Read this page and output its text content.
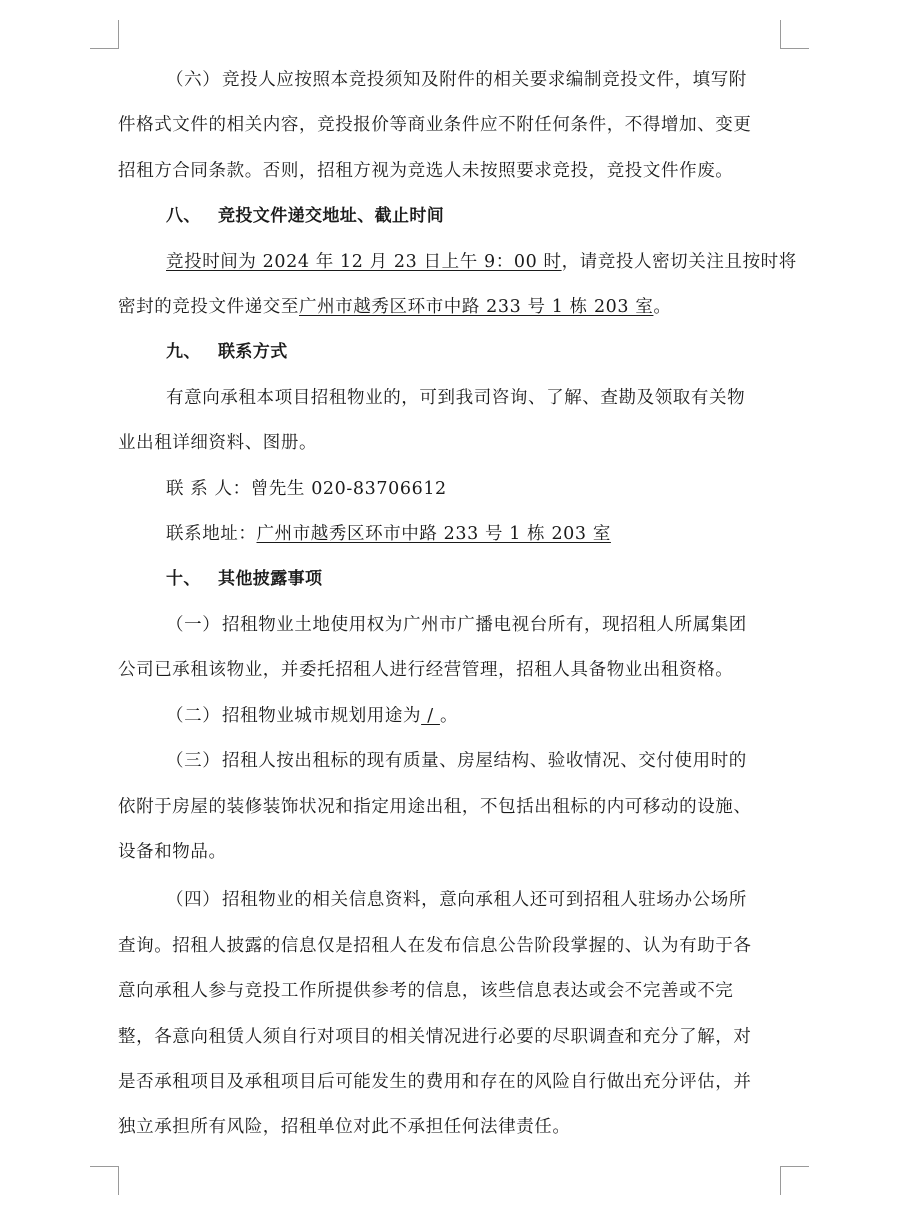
（六）竞投人应按照本竞投须知及附件的相关要求编制竞投文件，填写附
件格式文件的相关内容，竞投报价等商业条件应不附任何条件，不得增加、变更
招租方合同条款。否则，招租方视为竞选人未按照要求竞投，竞投文件作废。

八、 竞投文件递交地址、截止时间

竞投时间为 2024 年 12 月 23 日上午 9：00 时，请竞投人密切关注且按时将
密封的竞投文件递交至广州市越秀区环市中路 233 号 1 栋 203 室。

九、 联系方式

有意向承租本项目招租物业的，可到我司咨询、了解、查勘及领取有关物
业出租详细资料、图册。

联 系 人：曾先生 020-83706612

联系地址：广州市越秀区环市中路 233 号 1 栋 203 室

十、 其他披露事项

（一）招租物业土地使用权为广州市广播电视台所有，现招租人所属集团
公司已承租该物业，并委托招租人进行经营管理，招租人具备物业出租资格。

（二）招租物业城市规划用途为 / 。

（三）招租人按出租标的现有质量、房屋结构、验收情况、交付使用时的
依附于房屋的装修装饰状况和指定用途出租，不包括出租标的内可移动的设施、
设备和物品。

（四）招租物业的相关信息资料，意向承租人还可到招租人驻场办公场所
查询。招租人披露的信息仅是招租人在发布信息公告阶段掌握的、认为有助于各
意向承租人参与竞投工作所提供参考的信息，该些信息表达或会不完善或不完
整，各意向租赁人须自行对项目的相关情况进行必要的尽职调查和充分了解，对
是否承租项目及承租项目后可能发生的费用和存在的风险自行做出充分评估，并
独立承担所有风险，招租单位对此不承担任何法律责任。
